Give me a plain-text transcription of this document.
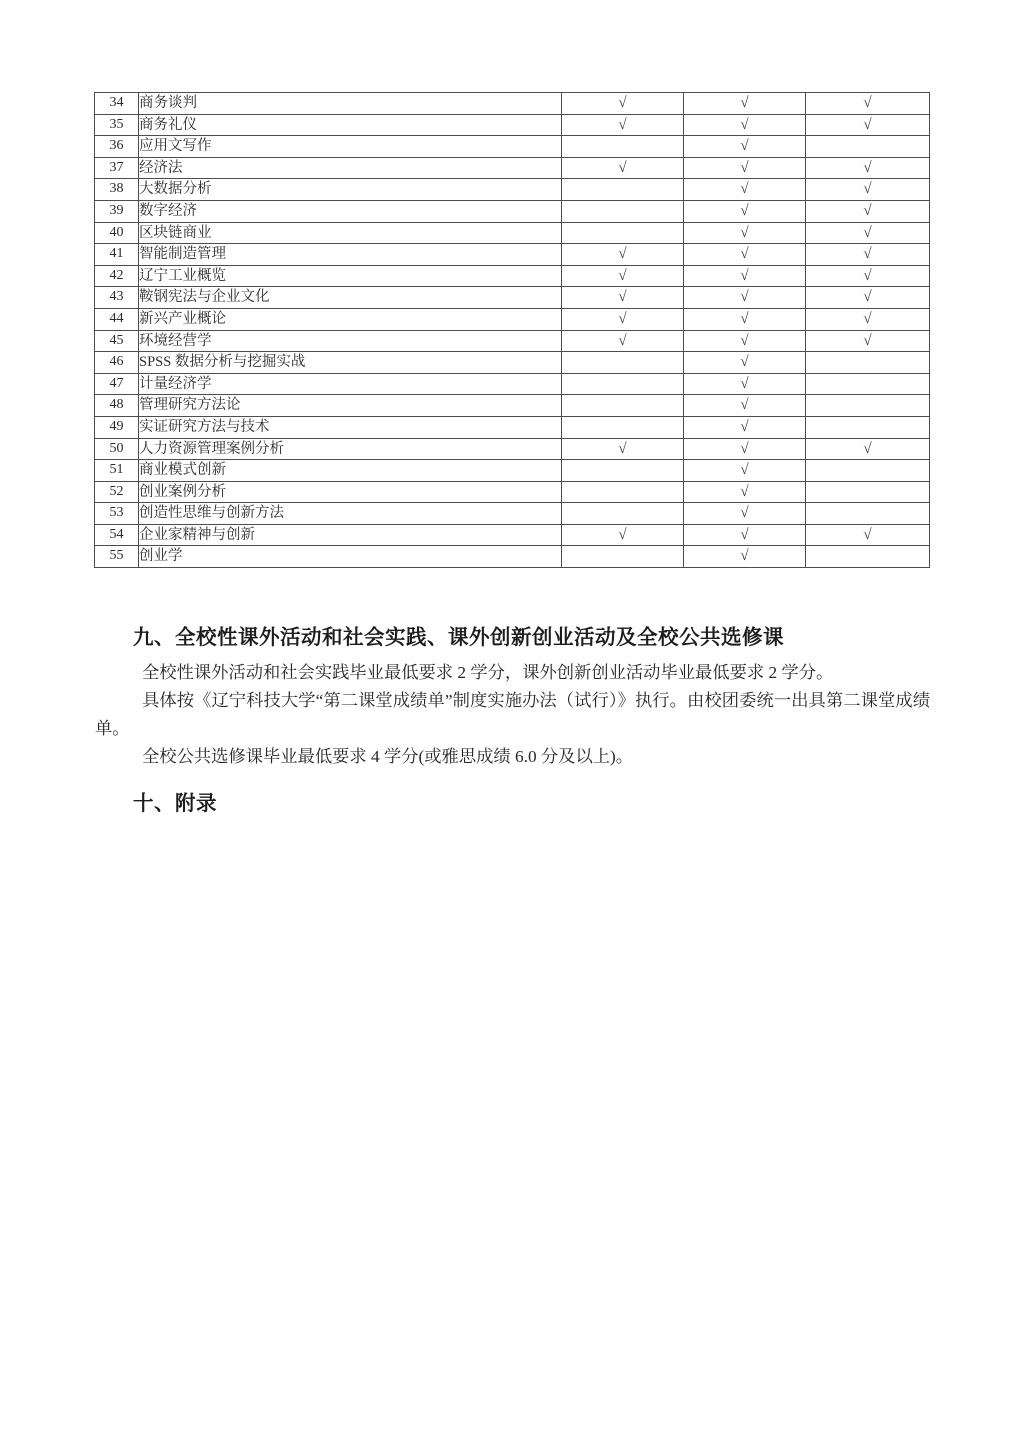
34	商务谈判	√	√	√
35	商务礼仪	√	√	√
36	应用文写作		√	
37	经济法	√	√	√
38	大数据分析		√	√
39	数字经济		√	√
40	区块链商业		√	√
41	智能制造管理	√	√	√
42	辽宁工业概览	√	√	√
43	鞍钢宪法与企业文化	√	√	√
44	新兴产业概论	√	√	√
45	环境经营学	√	√	√
46	SPSS 数据分析与挖掘实战		√	
47	计量经济学		√	
48	管理研究方法论		√	
49	实证研究方法与技术		√	
50	人力资源管理案例分析	√	√	√
51	商业模式创新		√	
52	创业案例分析		√	
53	创造性思维与创新方法		√	
54	企业家精神与创新	√	√	√
55	创业学		√	
九、全校性课外活动和社会实践、课外创新创业活动及全校公共选修课

全校性课外活动和社会实践毕业最低要求 2 学分，课外创新创业活动毕业最低要求 2 学分。

具体按《辽宁科技大学“第二课堂成绩单”制度实施办法（试行）》执行。由校团委统一出具第二课堂成绩单。

全校公共选修课毕业最低要求 4 学分(或雅思成绩 6.0 分及以上)。

十、附录
